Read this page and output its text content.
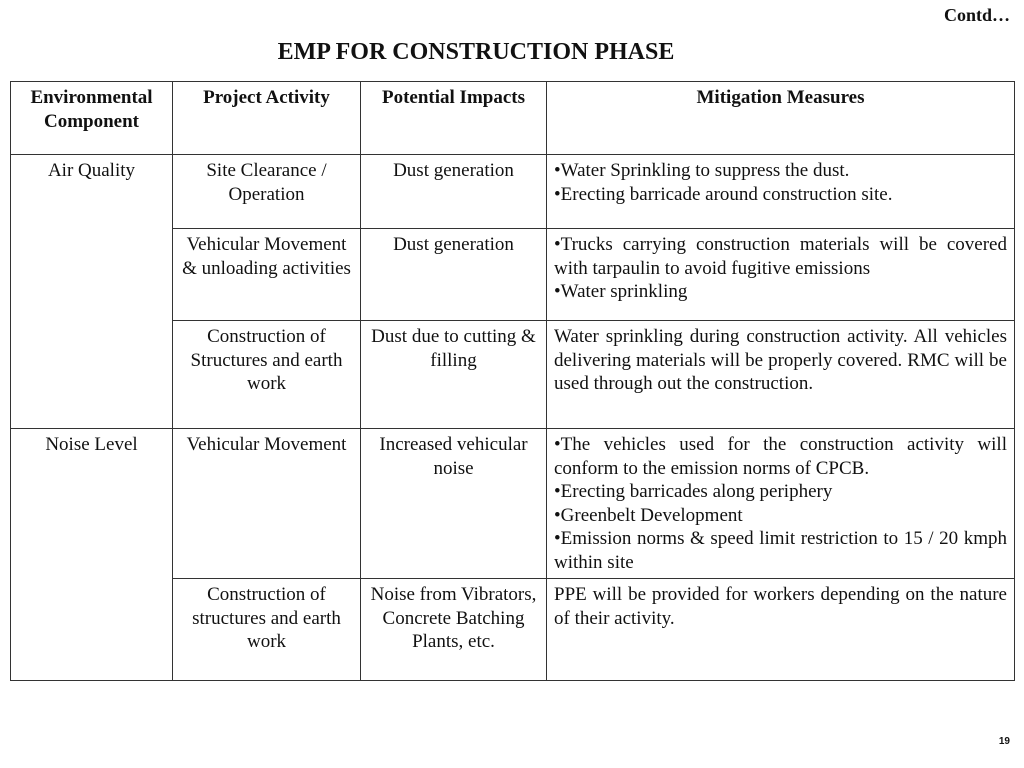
Contd…
EMP FOR CONSTRUCTION PHASE
Environmental Component	Project Activity	Potential Impacts	Mitigation Measures
Air Quality	Site Clearance / Operation	Dust generation	•Water Sprinkling to suppress the dust.
•Erecting barricade around construction site.

	Vehicular Movement & unloading activities	Dust generation	•Trucks carrying construction materials will be covered with tarpaulin to avoid fugitive emissions
•Water sprinkling

	Construction of Structures and earth work	Dust due to cutting & filling	Water sprinkling during construction activity. All vehicles delivering materials will be properly covered. RMC will be used through out the construction.

Noise Level	Vehicular Movement	Increased vehicular noise	•The vehicles used for the construction activity will conform to the emission norms of CPCB.
•Erecting barricades along periphery
•Greenbelt Development
•Emission norms & speed limit restriction to 15 / 20 kmph within site

	Construction of structures and earth work	Noise from Vibrators, Concrete Batching Plants, etc.	PPE will be provided for workers depending on the nature of their activity.
19
